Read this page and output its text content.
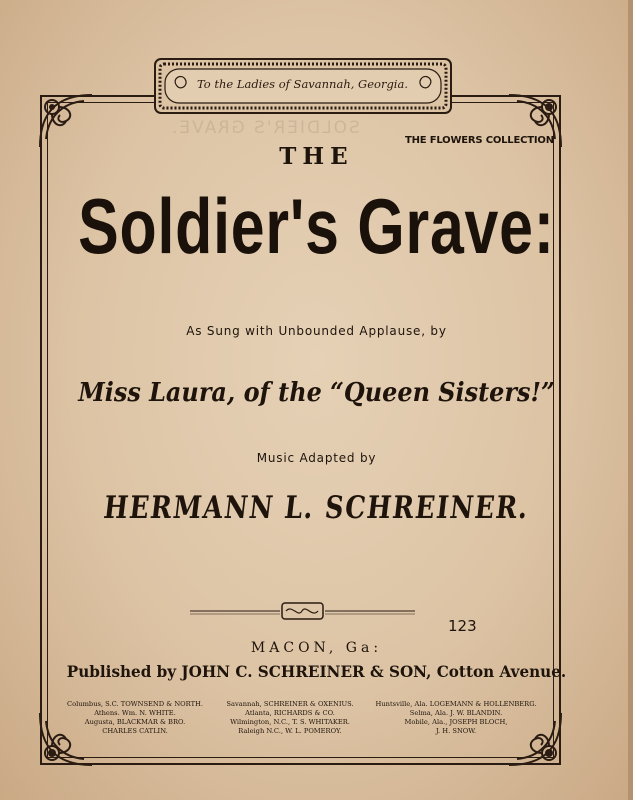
SOLDIER'S GRAVE.
To the Ladies of Savannah, Georgia.
THE FLOWERS COLLECTION
THE
Soldier's Grave:
As Sung with Unbounded Applause, by
Miss Laura, of the “Queen Sisters!”
Music Adapted by
HERMANN L. SCHREINER.
123
MACON, Ga:
Published by JOHN C. SCHREINER & SON, Cotton Avenue.
Columbus, S.C. TOWNSEND & NORTH.
Athens. Wm. N. WHITE.
Augusta, BLACKMAR & BRO.
CHARLES CATLIN.
Savannah, SCHREINER & OXENIUS.
Atlanta, RICHARDS & CO.
Wilmington, N.C., T. S. WHITAKER.
Raleigh N.C., W. L. POMEROY.
Huntsville, Ala. LOGEMANN & HOLLENBERG.
Selma, Ala. J. W. BLANDIN.
Mobile, Ala., JOSEPH BLOCH,
J. H. SNOW.
